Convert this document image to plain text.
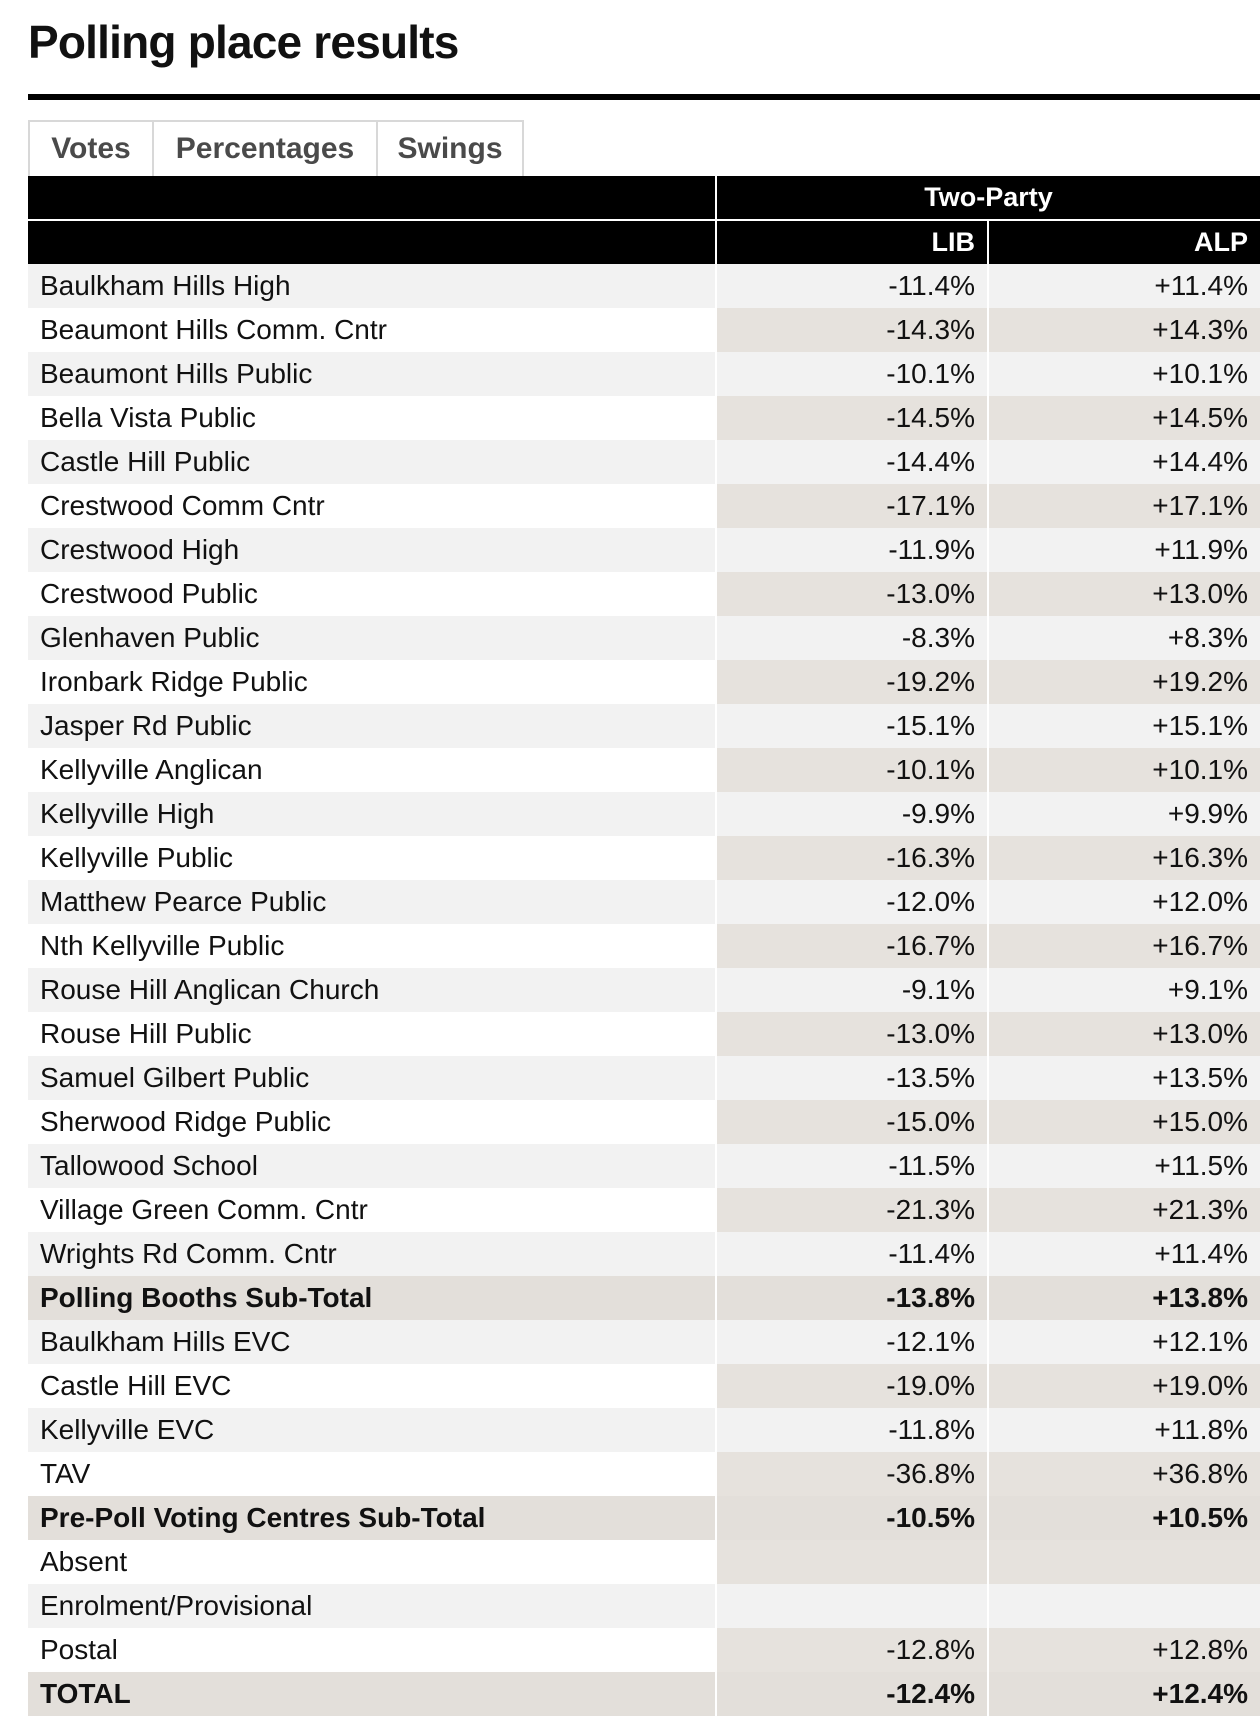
Polling place results
Votes	Percentages	Swings
	Two-Party	
	LIB	ALP
Baulkham Hills High	-11.4%	+11.4%
Beaumont Hills Comm. Cntr	-14.3%	+14.3%
Beaumont Hills Public	-10.1%	+10.1%
Bella Vista Public	-14.5%	+14.5%
Castle Hill Public	-14.4%	+14.4%
Crestwood Comm Cntr	-17.1%	+17.1%
Crestwood High	-11.9%	+11.9%
Crestwood Public	-13.0%	+13.0%
Glenhaven Public	-8.3%	+8.3%
Ironbark Ridge Public	-19.2%	+19.2%
Jasper Rd Public	-15.1%	+15.1%
Kellyville Anglican	-10.1%	+10.1%
Kellyville High	-9.9%	+9.9%
Kellyville Public	-16.3%	+16.3%
Matthew Pearce Public	-12.0%	+12.0%
Nth Kellyville Public	-16.7%	+16.7%
Rouse Hill Anglican Church	-9.1%	+9.1%
Rouse Hill Public	-13.0%	+13.0%
Samuel Gilbert Public	-13.5%	+13.5%
Sherwood Ridge Public	-15.0%	+15.0%
Tallowood School	-11.5%	+11.5%
Village Green Comm. Cntr	-21.3%	+21.3%
Wrights Rd Comm. Cntr	-11.4%	+11.4%
Polling Booths Sub-Total	-13.8%	+13.8%
Baulkham Hills EVC	-12.1%	+12.1%
Castle Hill EVC	-19.0%	+19.0%
Kellyville EVC	-11.8%	+11.8%
TAV	-36.8%	+36.8%
Pre-Poll Voting Centres Sub-Total	-10.5%	+10.5%
Absent		
Enrolment/Provisional		
Postal	-12.8%	+12.8%
TOTAL	-12.4%	+12.4%
